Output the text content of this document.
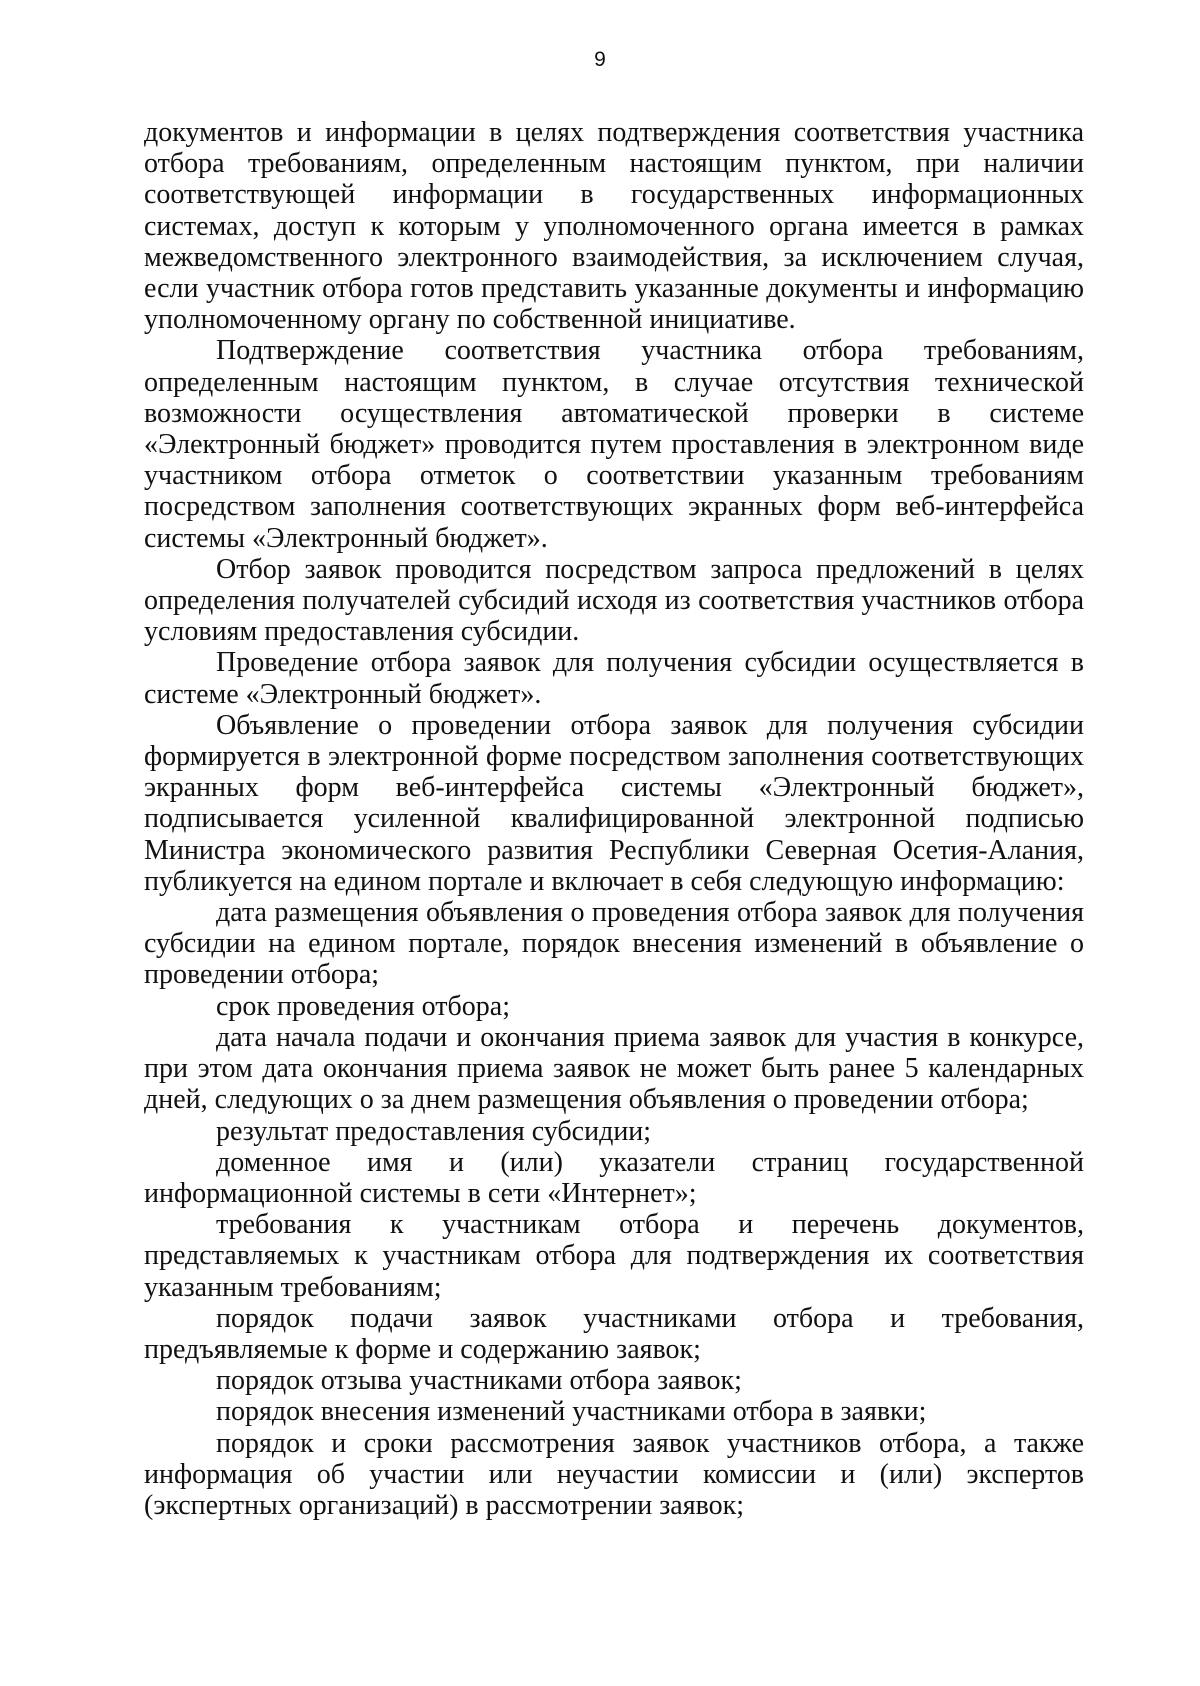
9

документов и информации в целях подтверждения соответствия участника отбора требованиям, определенным настоящим пунктом, при наличии соответствующей информации в государственных информационных системах, доступ к которым у уполномоченного органа имеется в рамках межведомственного электронного взаимодействия, за исключением случая, если участник отбора готов представить указанные документы и информацию уполномоченному органу по собственной инициативе.

Подтверждение соответствия участника отбора требованиям, определенным настоящим пунктом, в случае отсутствия технической возможности осуществления автоматической проверки в системе «Электронный бюджет» проводится путем проставления в электронном виде участником отбора отметок о соответствии указанным требованиям посредством заполнения соответствующих экранных форм веб-интерфейса системы «Электронный бюджет».

Отбор заявок проводится посредством запроса предложений в целях определения получателей субсидий исходя из соответствия участников отбора условиям предоставления субсидии.

Проведение отбора заявок для получения субсидии осуществляется в системе «Электронный бюджет».

Объявление о проведении отбора заявок для получения субсидии формируется в электронной форме посредством заполнения соответствующих экранных форм веб-интерфейса системы «Электронный бюджет», подписывается усиленной квалифицированной электронной подписью Министра экономического развития Республики Северная Осетия-Алания, публикуется на едином портале и включает в себя следующую информацию:

дата размещения объявления о проведения отбора заявок для получения субсидии на едином портале, порядок внесения изменений в объявление о проведении отбора;

срок проведения отбора;

дата начала подачи и окончания приема заявок для участия в конкурсе, при этом дата окончания приема заявок не может быть ранее 5 календарных дней, следующих о за днем размещения объявления о проведении отбора;

результат предоставления субсидии;

доменное имя и (или) указатели страниц государственной информационной системы в сети «Интернет»;

требования к участникам отбора и перечень документов, представляемых к участникам отбора для подтверждения их соответствия указанным требованиям;

порядок подачи заявок участниками отбора и требования, предъявляемые к форме и содержанию заявок;

порядок отзыва участниками отбора заявок;

порядок внесения изменений участниками отбора в заявки;

порядок и сроки рассмотрения заявок участников отбора, а также информация об участии или неучастии комиссии и (или) экспертов (экспертных организаций) в рассмотрении заявок;
